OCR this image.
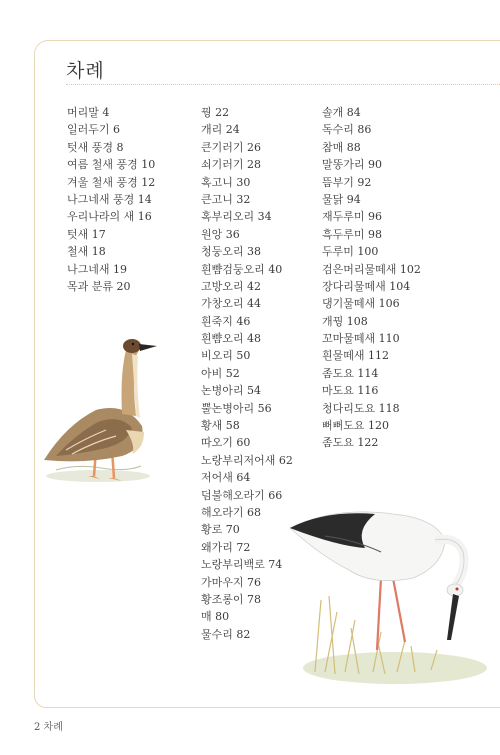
차례
머리말 4
일러두기 6
텃새 풍경 8
여름 철새 풍경 10
겨울 철새 풍경 12
나그네새 풍경 14
우리나라의 새 16
텃새 17
철새 18
나그네새 19
목과 분류 20
꿩 22
개리 24
큰기러기 26
쇠기러기 28
혹고니 30
큰고니 32
혹부리오리 34
원앙 36
청둥오리 38
흰뺨검둥오리 40
고방오리 42
가창오리 44
흰죽지 46
흰뺨오리 48
비오리 50
아비 52
논병아리 54
뿔논병아리 56
황새 58
따오기 60
노랑부리저어새 62
저어새 64
덤불해오라기 66
해오라기 68
황로 70
왜가리 72
노랑부리백로 74
가마우지 76
황조롱이 78
매 80
물수리 82
솔개 84
독수리 86
참매 88
말똥가리 90
뜸부기 92
물닭 94
재두루미 96
흑두루미 98
두루미 100
검은머리물떼새 102
장다리물떼새 104
댕기물떼새 106
개꿩 108
꼬마물떼새 110
흰물떼새 112
좀도요 114
마도요 116
청다리도요 118
뻐뻐도요 120
좀도요 122
2 차례
